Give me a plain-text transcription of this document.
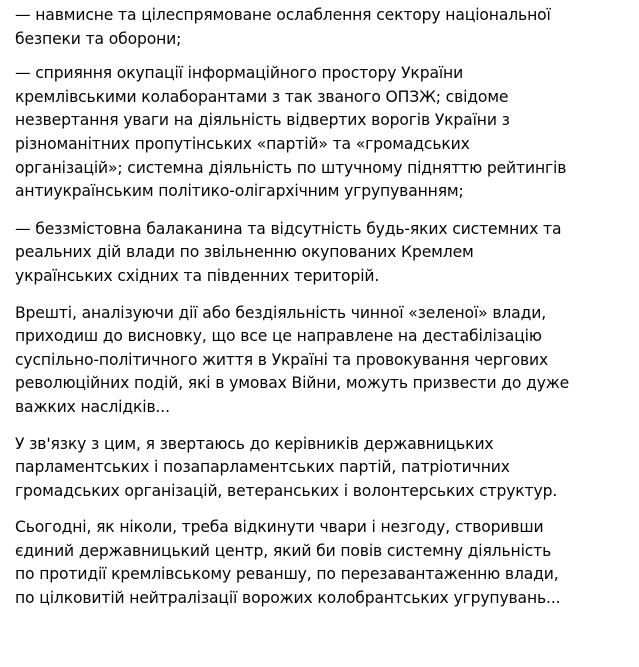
— навмисне та цілеспрямоване ослаблення сектору національної
безпеки та оборони;
— сприяння окупації інформаційного простору України
кремлівськими колаборантами з так званого ОПЗЖ; свідоме
незвертання уваги на діяльність відвертих ворогів України з
різноманітних пропутінських «партій» та «громадських
організацій»; системна діяльність по штучному підняттю рейтингів
антиукраїнським політико-олігархічним угрупуванням;
— беззмістовна балаканина та відсутність будь-яких системних та
реальних дій влади по звільненню окупованих Кремлем
українських східних та південних територій.
Врешті, аналізуючи дії або бездіяльність чинної «зеленої» влади,
приходиш до висновку, що все це направлене на дестабілізацію
суспільно-політичного життя в Україні та провокування чергових
революційних подій, які в умовах Війни, можуть призвести до дуже
важких наслідків...
У зв'язку з цим, я звертаюсь до керівників державницьких
парламентських і позапарламентських партій, патріотичних
громадських організацій, ветеранських і волонтерських структур.
Сьогодні, як ніколи, треба відкинути чвари і незгоду, створивши
єдиний державницький центр, який би повів системну діяльність
по протидії кремлівському реваншу, по перезавантаженню влади,
по цілковитій нейтралізації ворожих колобрантських угрупувань...
